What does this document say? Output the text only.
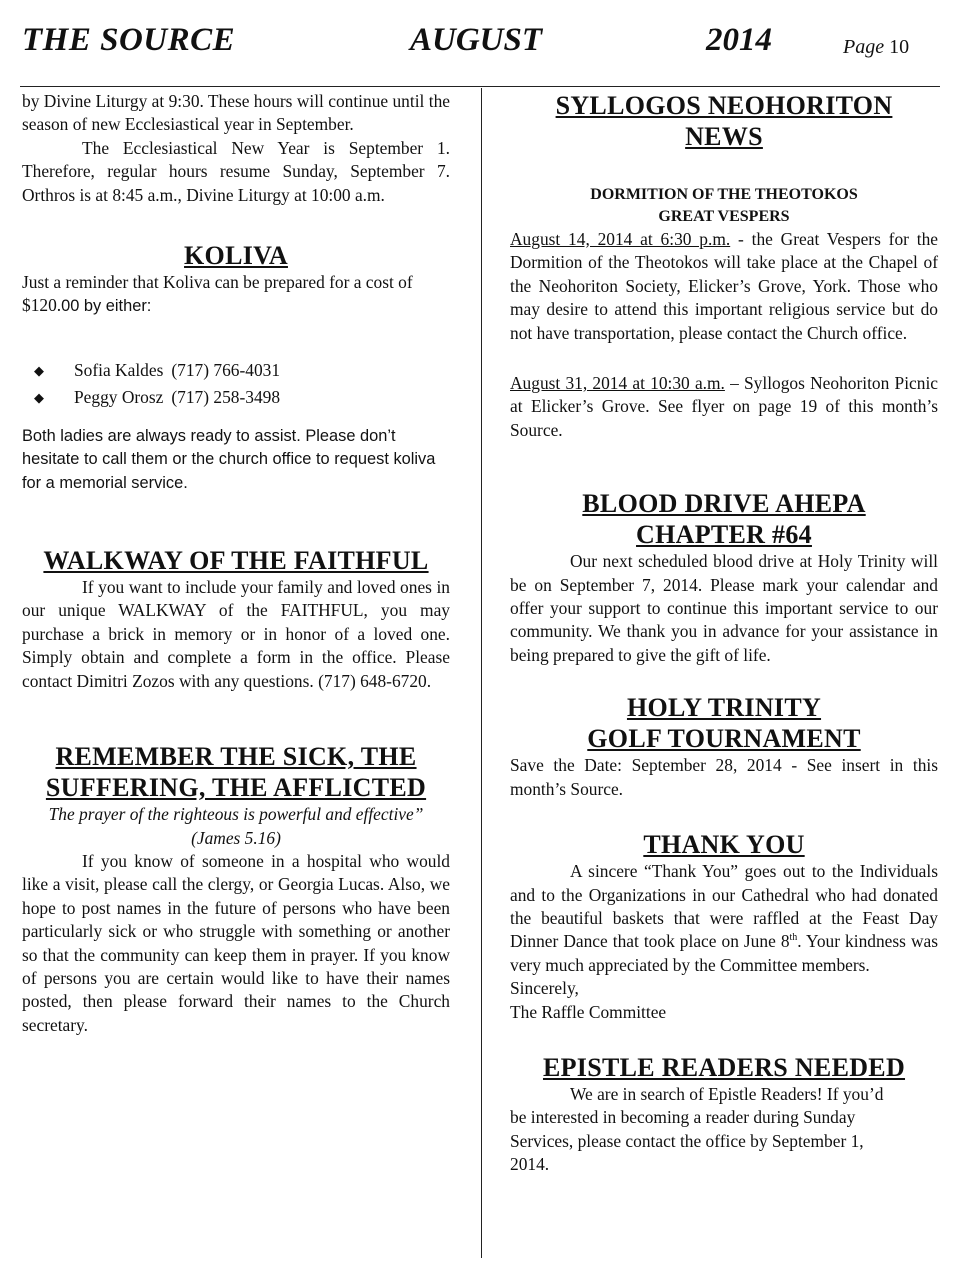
THE SOURCE	AUGUST	2014	Page 10

by Divine Liturgy at 9:30. These hours will continue until the season of new Ecclesiastical year in September.

The Ecclesiastical New Year is September 1. Therefore, regular hours resume Sunday, September 7. Orthros is at 8:45 a.m., Divine Liturgy at 10:00 a.m.

KOLIVA

Just a reminder that Koliva can be prepared for a cost of $120.00 by either:

◆ Sofia Kaldes (717) 766-4031
◆ Peggy Orosz (717) 258-3498

Both ladies are always ready to assist. Please don’t hesitate to call them or the church office to request koliva for a memorial service.

WALKWAY OF THE FAITHFUL

If you want to include your family and loved ones in our unique WALKWAY of the FAITHFUL, you may purchase a brick in memory or in honor of a loved one. Simply obtain and complete a form in the office. Please contact Dimitri Zozos with any questions. (717) 648-6720.

REMEMBER THE SICK, THE
SUFFERING, THE AFFLICTED

The prayer of the righteous is powerful and effective” (James 5.16)

If you know of someone in a hospital who would like a visit, please call the clergy, or Georgia Lucas. Also, we hope to post names in the future of persons who have been particularly sick or who struggle with something or another so that the community can keep them in prayer. If you know of persons you are certain would like to have their names posted, then please forward their names to the Church secretary.

SYLLOGOS NEOHORITON
NEWS
DORMITION OF THE THEOTOKOS
GREAT VESPERS

August 14, 2014 at 6:30 p.m. - the Great Vespers for the Dormition of the Theotokos will take place at the Chapel of the Neohoriton Society, Elicker’s Grove, York. Those who may desire to attend this important religious service but do not have transportation, please contact the Church office.

August 31, 2014 at 10:30 a.m. – Syllogos Neohoriton Picnic at Elicker’s Grove. See flyer on page 19 of this month’s Source.

BLOOD DRIVE AHEPA
CHAPTER #64

Our next scheduled blood drive at Holy Trinity will be on September 7, 2014. Please mark your calendar and offer your support to continue this important service to our community. We thank you in advance for your assistance in being prepared to give the gift of life.

HOLY TRINITY
GOLF TOURNAMENT

Save the Date: September 28, 2014 - See insert in this month’s Source.

THANK YOU

A sincere “Thank You” goes out to the Individuals and to the Organizations in our Cathedral who had donated the beautiful baskets that were raffled at the Feast Day Dinner Dance that took place on June 8th. Your kindness was very much appreciated by the Committee members.

Sincerely,

The Raffle Committee

EPISTLE READERS NEEDED

We are in search of Epistle Readers! If you’d be interested in becoming a reader during Sunday Services, please contact the office by September 1, 2014.
